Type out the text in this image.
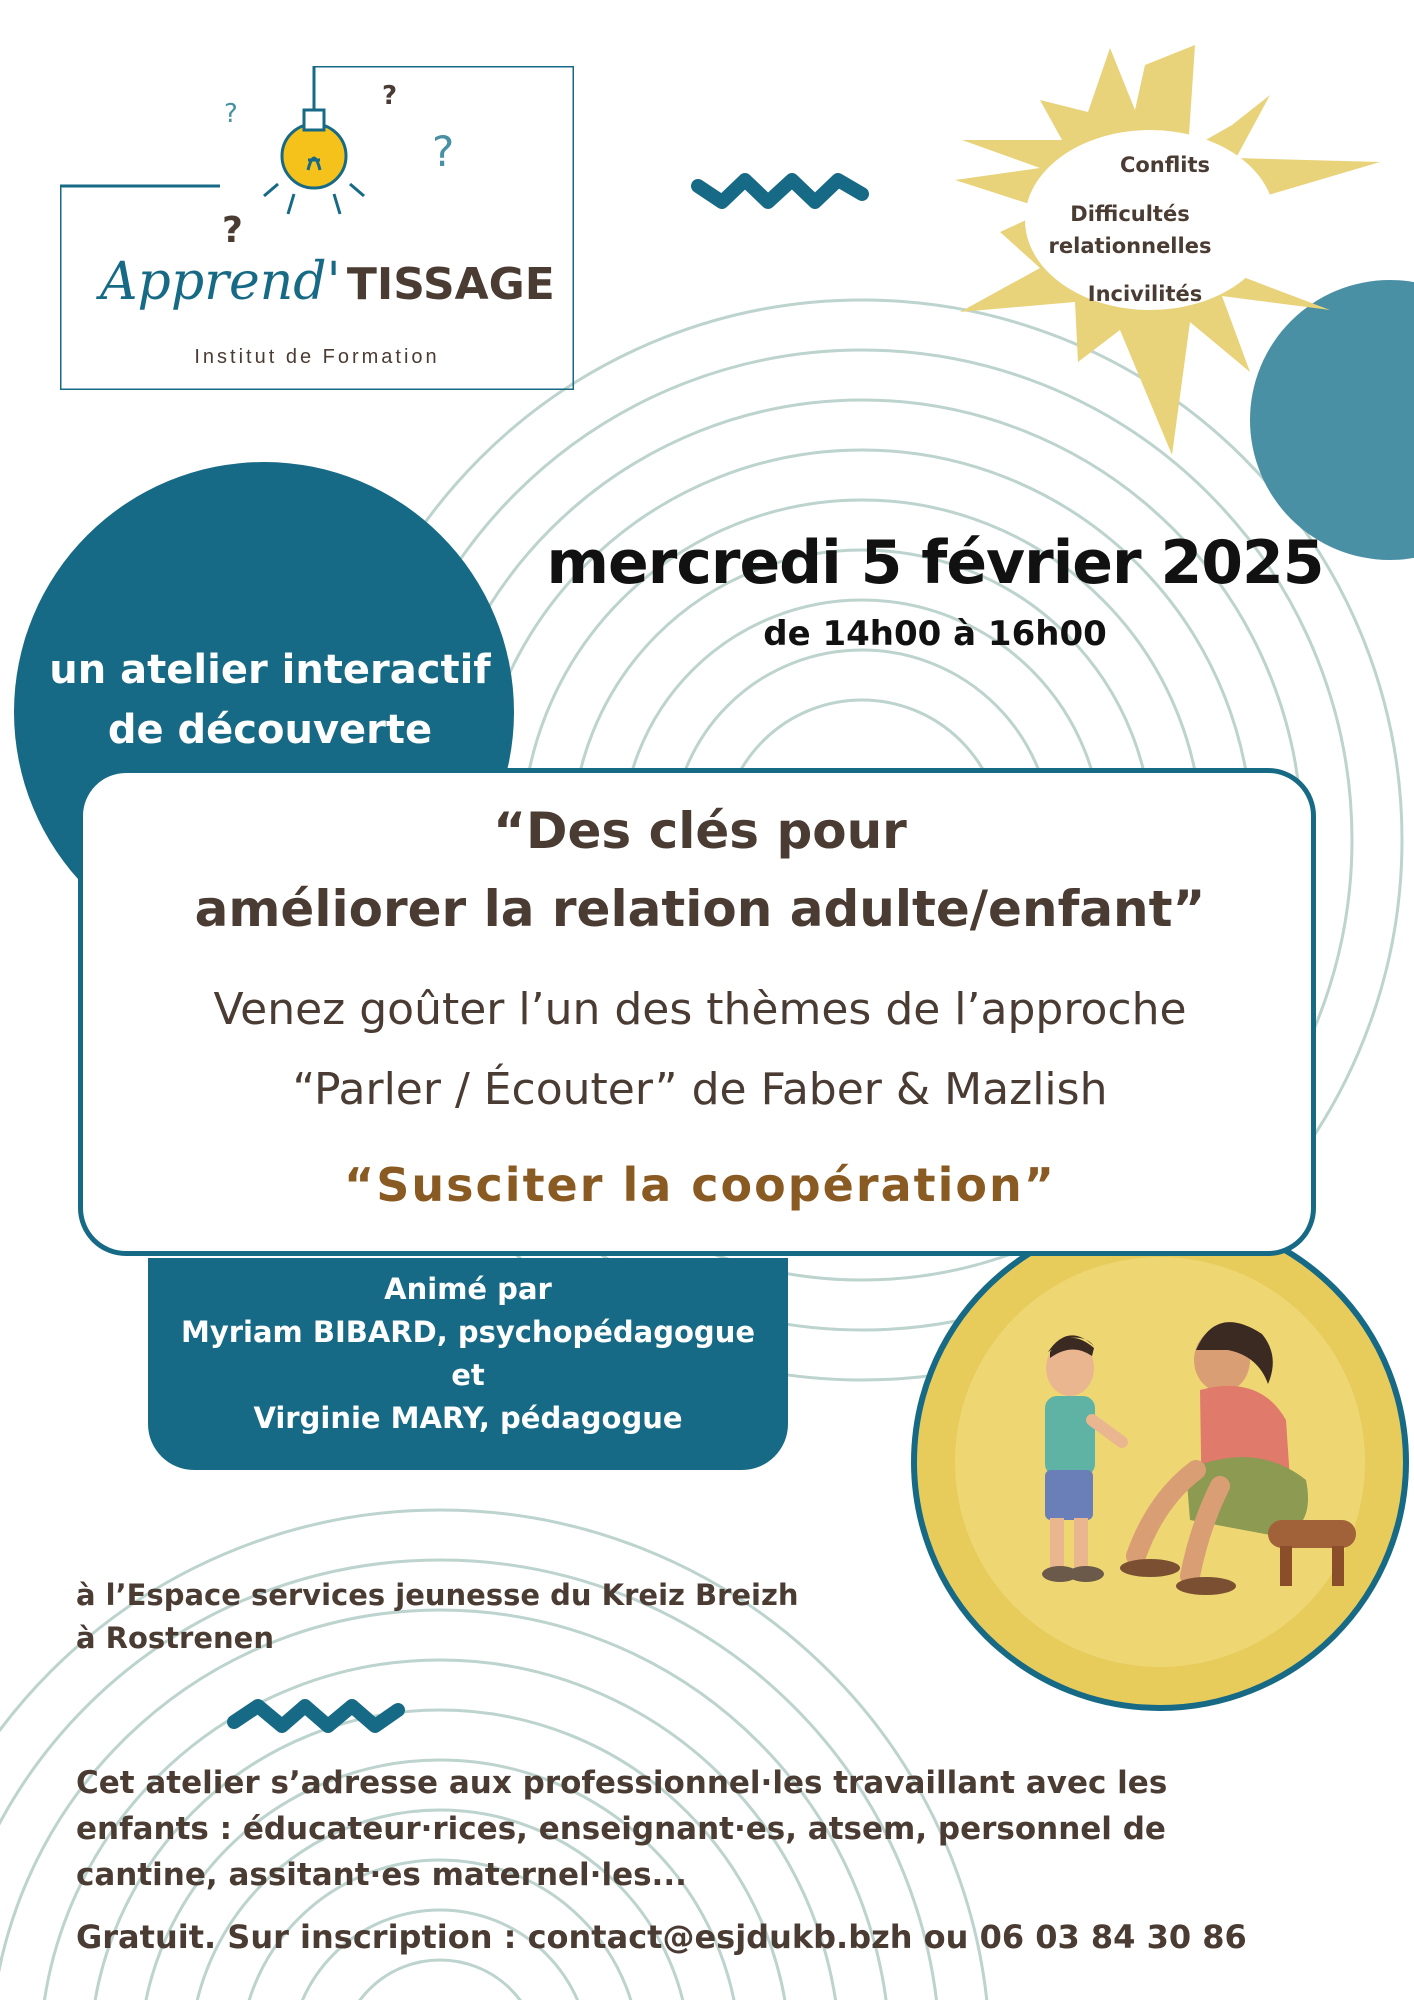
?
?
?
?
Apprend' TISSAGE
Institut de Formation
Conflits
Difficultés
relationnelles
Incivilités
mercredi 5 février 2025
de 14h00 à 16h00
un atelier interactif
de découverte
“Des clés pour
améliorer la relation adulte/enfant”
Venez goûter l’un des thèmes de l’approche
“Parler / Écouter” de Faber & Mazlish
“Susciter la coopération”
Animé par
Myriam BIBARD, psychopédagogue
et
Virginie MARY, pédagogue
à l’Espace services jeunesse du Kreiz Breizh
à Rostrenen
Cet atelier s’adresse aux professionnel·les travaillant avec les
enfants : éducateur·rices, enseignant·es, atsem, personnel de
cantine, assitant·es maternel·les...
Gratuit. Sur inscription : contact@esjdukb.bzh ou 06 03 84 30 86
